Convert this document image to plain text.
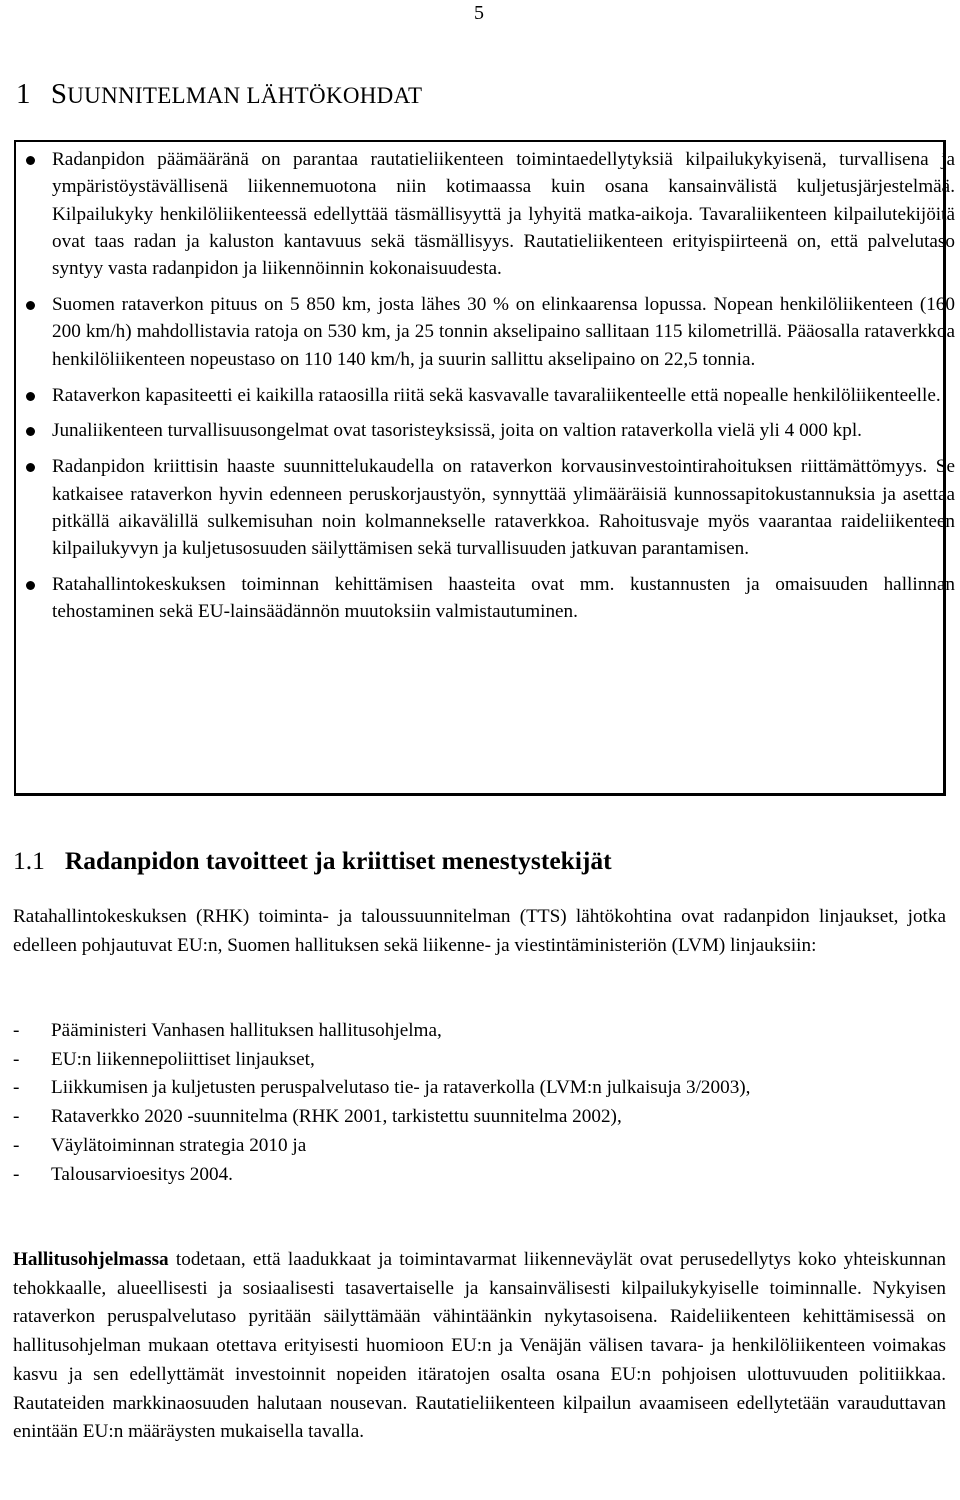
5
1 SUUNNITELMAN LÄHTÖKOHDAT
Radanpidon päämääränä on parantaa rautatieliikenteen toimintaedellytyksiä kilpailukykyisenä, turvallisena ja ympäristöystävällisenä liikennemuotona niin kotimaassa kuin osana kansainvälistä kuljetusjärjestelmää. Kilpailukyky henkilöliikenteessä edellyttää täsmällisyyttä ja lyhyitä matka-aikoja. Tavaraliikenteen kilpailutekijöitä ovat taas radan ja kaluston kantavuus sekä täsmällisyys. Rautatieliikenteen erityispiirteenä on, että palvelutaso syntyy vasta radanpidon ja liikennöinnin kokonaisuudesta.
Suomen rataverkon pituus on 5 850 km, josta lähes 30 % on elinkaarensa lopussa. Nopean henkilöliikenteen (160 200 km/h) mahdollistavia ratoja on 530 km, ja 25 tonnin akselipaino sallitaan 115 kilometrillä. Pääosalla rataverkkoa henkilöliikenteen nopeustaso on 110 140 km/h, ja suurin sallittu akselipaino on 22,5 tonnia.
Rataverkon kapasiteetti ei kaikilla rataosilla riitä sekä kasvavalle tavaraliikenteelle että nopealle henkilöliikenteelle.
Junaliikenteen turvallisuusongelmat ovat tasoristeyksissä, joita on valtion rataverkolla vielä yli 4 000 kpl.
Radanpidon kriittisin haaste suunnittelukaudella on rataverkon korvausinvestointirahoituksen riittämättömyys. Se katkaisee rataverkon hyvin edenneen peruskorjaustyön, synnyttää ylimääräisiä kunnossapitokustannuksia ja asettaa pitkällä aikavälillä sulkemisuhan noin kolmannekselle rataverkkoa. Rahoitusvaje myös vaarantaa raideliikenteen kilpailukyvyn ja kuljetusosuuden säilyttämisen sekä turvallisuuden jatkuvan parantamisen.
Ratahallintokeskuksen toiminnan kehittämisen haasteita ovat mm. kustannusten ja omaisuuden hallinnan tehostaminen sekä EU-lainsäädännön muutoksiin valmistautuminen.
1.1 Radanpidon tavoitteet ja kriittiset menestystekijät

Ratahallintokeskuksen (RHK) toiminta- ja taloussuunnitelman (TTS) lähtökohtina ovat radanpidon linjaukset, jotka edelleen pohjautuvat EU:n, Suomen hallituksen sekä liikenne- ja viestintäministeriön (LVM) linjauksiin:

- Pääministeri Vanhasen hallituksen hallitusohjelma,
- EU:n liikennepoliittiset linjaukset,
- Liikkumisen ja kuljetusten peruspalvelutaso tie- ja rataverkolla (LVM:n julkaisuja 3/2003),
- Rataverkko 2020 -suunnitelma (RHK 2001, tarkistettu suunnitelma 2002),
- Väylätoiminnan strategia 2010 ja
- Talousarvioesitys 2004.

Hallitusohjelmassa todetaan, että laadukkaat ja toimintavarmat liikenneväylät ovat perusedellytys koko yhteiskunnan tehokkaalle, alueellisesti ja sosiaalisesti tasavertaiselle ja kansainvälisesti kilpailukykyiselle toiminnalle. Nykyisen rataverkon peruspalvelutaso pyritään säilyttämään vähintäänkin nykytasoisena. Raideliikenteen kehittämisessä on hallitusohjelman mukaan otettava erityisesti huomioon EU:n ja Venäjän välisen tavara- ja henkilöliikenteen voimakas kasvu ja sen edellyttämät investoinnit nopeiden itäratojen osalta osana EU:n pohjoisen ulottuvuuden politiikkaa. Rautateiden markkinaosuuden halutaan nousevan. Rautatieliikenteen kilpailun avaamiseen edellytetään varauduttavan enintään EU:n määräysten mukaisella tavalla.
